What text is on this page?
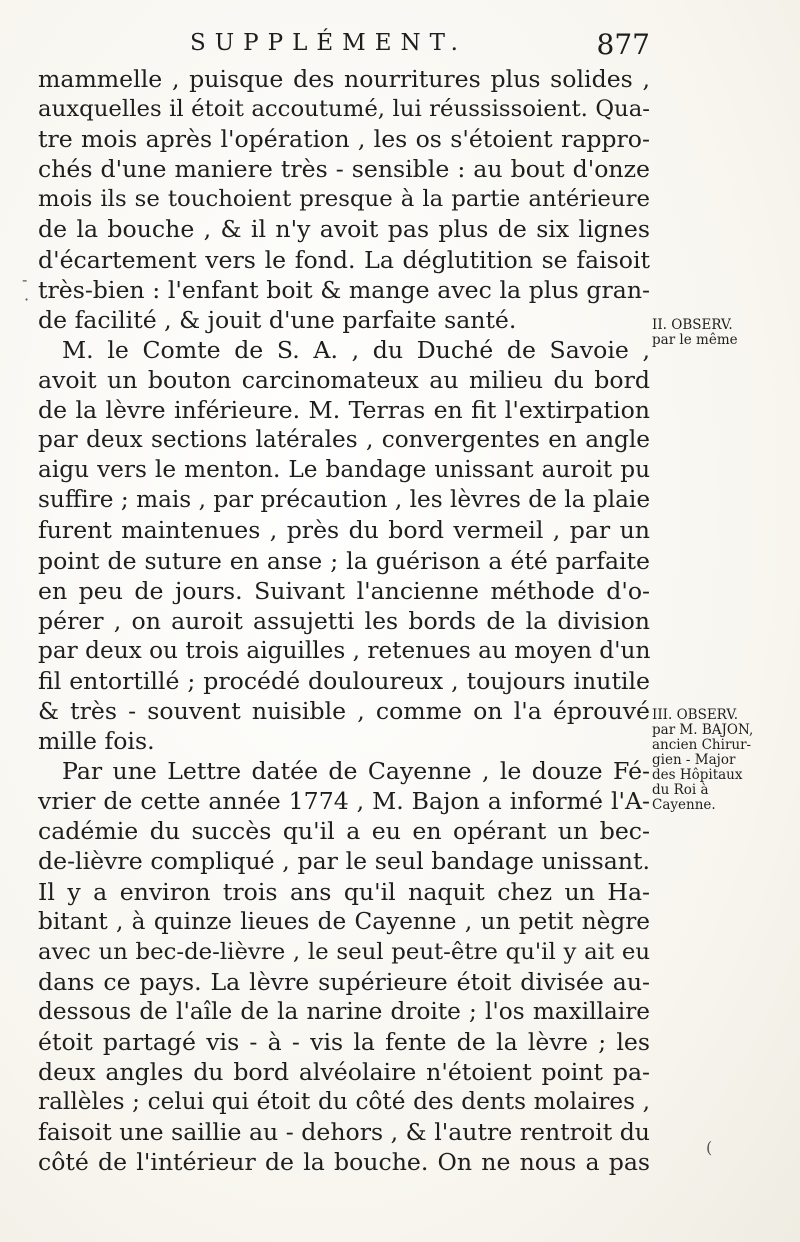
SUPPLÉMENT.	877
mammelle , puisque des nourritures plus solides ,
auxquelles il étoit accoutumé, lui réussissoient. Qua-
tre mois après l'opération , les os s'étoient rappro-
chés d'une maniere très - sensible : au bout d'onze
mois ils se touchoient presque à la partie antérieure
de la bouche , & il n'y avoit pas plus de six lignes
d'écartement vers le fond. La déglutition se faisoit
très-bien : l'enfant boit & mange avec la plus gran-
de facilité , & jouit d'une parfaite santé.
M. le Comte de S. A. , du Duché de Savoie ,
avoit un bouton carcinomateux au milieu du bord
de la lèvre inférieure. M. Terras en fit l'extirpation
par deux sections latérales , convergentes en angle
aigu vers le menton. Le bandage unissant auroit pu
suffire ; mais , par précaution , les lèvres de la plaie
furent maintenues , près du bord vermeil , par un
point de suture en anse ; la guérison a été parfaite
en peu de jours. Suivant l'ancienne méthode d'o-
pérer , on auroit assujetti les bords de la division
par deux ou trois aiguilles , retenues au moyen d'un
fil entortillé ; procédé douloureux , toujours inutile
& très - souvent nuisible , comme on l'a éprouvé
mille fois.
Par une Lettre datée de Cayenne , le douze Fé-
vrier de cette année 1774 , M. Bajon a informé l'A-
cadémie du succès qu'il a eu en opérant un bec-
de-lièvre compliqué , par le seul bandage unissant.
Il y a environ trois ans qu'il naquit chez un Ha-
bitant , à quinze lieues de Cayenne , un petit nègre
avec un bec-de-lièvre , le seul peut-être qu'il y ait eu
dans ce pays. La lèvre supérieure étoit divisée au-
dessous de l'aîle de la narine droite ; l'os maxillaire
étoit partagé vis - à - vis la fente de la lèvre ; les
deux angles du bord alvéolaire n'étoient point pa-
rallèles ; celui qui étoit du côté des dents molaires ,
faisoit une saillie au - dehors , & l'autre rentroit du
côté de l'intérieur de la bouche. On ne nous a pas
II. OBSERV.
par le même
III. OBSERV.
par M. BAJON,
ancien Chirur-
gien - Major
des Hôpitaux
du Roi à
Cayenne.
-
·
(
